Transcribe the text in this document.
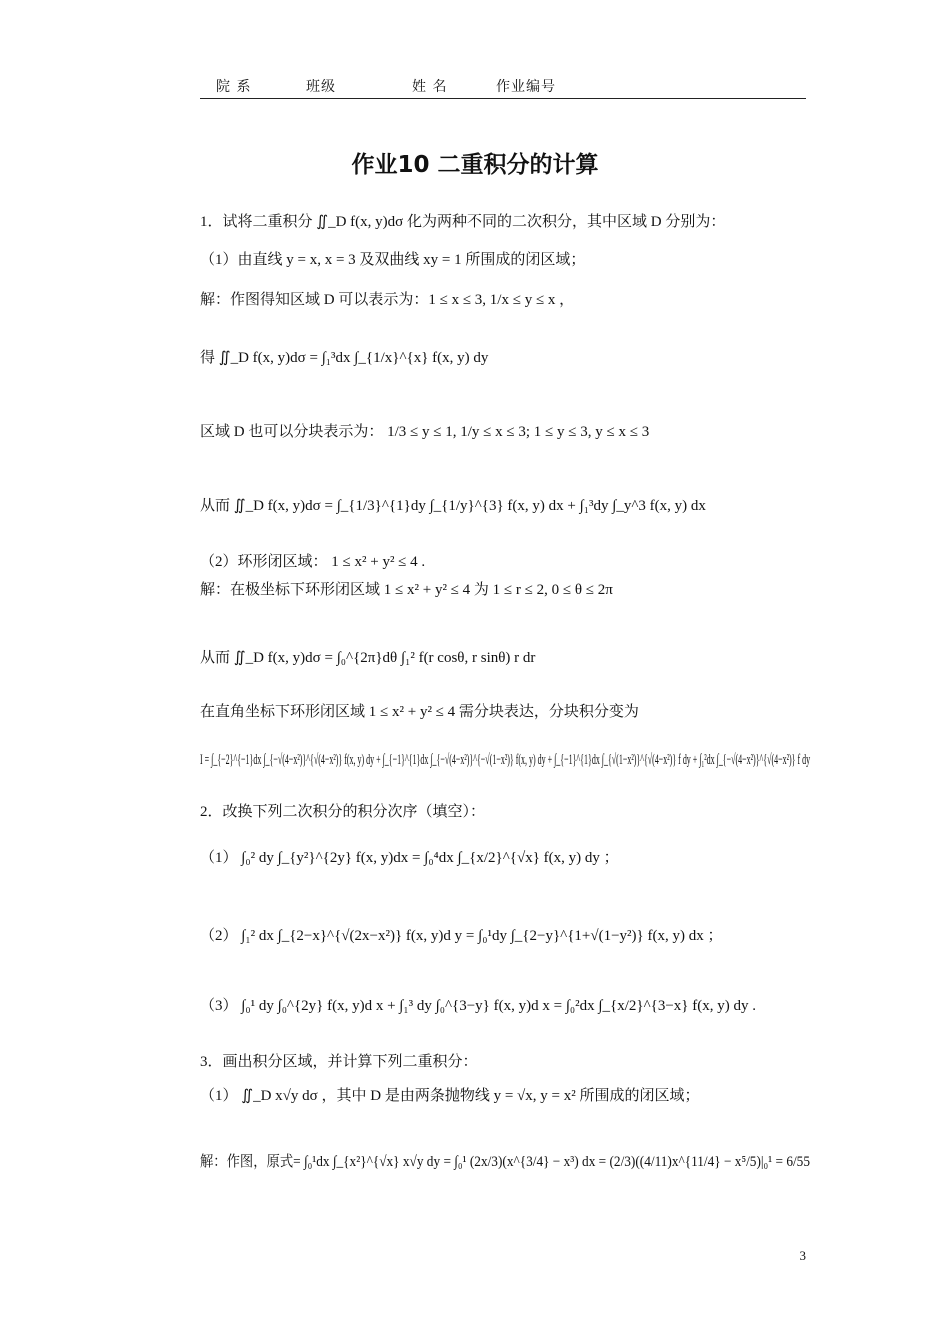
院 系	班级	姓 名	作业编号
作业10 二重积分的计算
1．试将二重积分 ∬_D f(x, y)dσ 化为两种不同的二次积分，其中区域 D 分别为：
（1）由直线 y = x, x = 3 及双曲线 xy = 1 所围成的闭区域；
解：作图得知区域 D 可以表示为：1 ≤ x ≤ 3, 1/x ≤ y ≤ x ，
得 ∬_D f(x, y)dσ = ∫₁³dx ∫_{1/x}^{x} f(x, y) dy
区域 D 也可以分块表示为： 1/3 ≤ y ≤ 1, 1/y ≤ x ≤ 3; 1 ≤ y ≤ 3, y ≤ x ≤ 3
从而 ∬_D f(x, y)dσ = ∫_{1/3}^{1}dy ∫_{1/y}^{3} f(x, y) dx + ∫₁³dy ∫_y^3 f(x, y) dx
（2）环形闭区域： 1 ≤ x² + y² ≤ 4 .
解：在极坐标下环形闭区域 1 ≤ x² + y² ≤ 4 为 1 ≤ r ≤ 2, 0 ≤ θ ≤ 2π
从而 ∬_D f(x, y)dσ = ∫₀^{2π}dθ ∫₁² f(r cosθ, r sinθ) r dr
在直角坐标下环形闭区域 1 ≤ x² + y² ≤ 4 需分块表达，分块积分变为
I = ∫_{−2}^{−1}dx ∫_{−√(4−x²)}^{√(4−x²)} f(x, y) dy + ∫_{−1}^{1}dx ∫_{−√(4−x²)}^{−√(1−x²)} f(x, y) dy + ∫_{−1}^{1}dx ∫_{√(1−x²)}^{√(4−x²)} f dy + ∫₁²dx ∫_{−√(4−x²)}^{√(4−x²)} f dy
2．改换下列二次积分的积分次序（填空）：
（1） ∫₀² dy ∫_{y²}^{2y} f(x, y)dx = ∫₀⁴dx ∫_{x/2}^{√x} f(x, y) dy ；
（2） ∫₁² dx ∫_{2−x}^{√(2x−x²)} f(x, y)d y = ∫₀¹dy ∫_{2−y}^{1+√(1−y²)} f(x, y) dx ；
（3） ∫₀¹ dy ∫₀^{2y} f(x, y)d x + ∫₁³ dy ∫₀^{3−y} f(x, y)d x = ∫₀²dx ∫_{x/2}^{3−x} f(x, y) dy .
3．画出积分区域，并计算下列二重积分：
（1） ∬_D x√y dσ ，其中 D 是由两条抛物线 y = √x, y = x² 所围成的闭区域；
解：作图，原式= ∫₀¹dx ∫_{x²}^{√x} x√y dy = ∫₀¹ (2x/3)(x^{3/4} − x³) dx = (2/3)((4/11)x^{11/4} − x⁵/5)|₀¹ = 6/55
3
